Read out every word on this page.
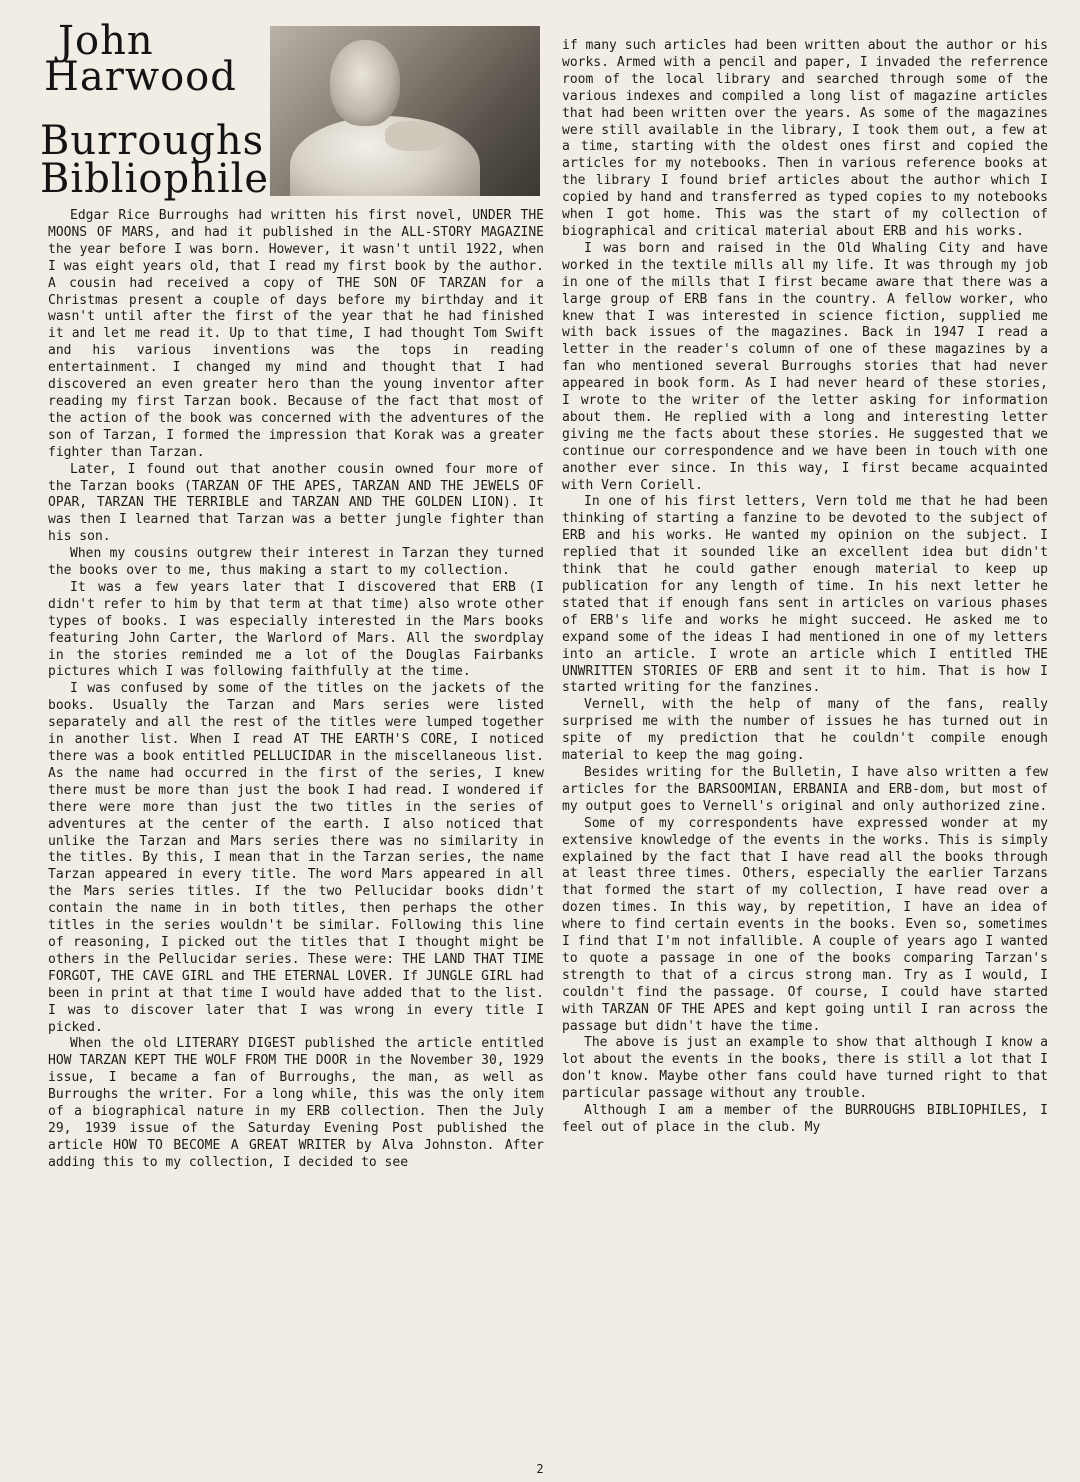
John
Harwood
Burroughs
Bibliophile

Edgar Rice Burroughs had written his first novel, UNDER THE MOONS OF MARS, and had it published in the ALL-STORY MAGAZINE the year before I was born. However, it wasn't until 1922, when I was eight years old, that I read my first book by the author. A cousin had received a copy of THE SON OF TARZAN for a Christmas present a couple of days before my birthday and it wasn't until after the first of the year that he had finished it and let me read it. Up to that time, I had thought Tom Swift and his various inventions was the tops in reading entertainment. I changed my mind and thought that I had discovered an even greater hero than the young inventor after reading my first Tarzan book. Because of the fact that most of the action of the book was concerned with the adventures of the son of Tarzan, I formed the impression that Korak was a greater fighter than Tarzan.

Later, I found out that another cousin owned four more of the Tarzan books (TARZAN OF THE APES, TARZAN AND THE JEWELS OF OPAR, TARZAN THE TERRIBLE and TARZAN AND THE GOLDEN LION). It was then I learned that Tarzan was a better jungle fighter than his son.

When my cousins outgrew their interest in Tarzan they turned the books over to me, thus making a start to my collection.

It was a few years later that I discovered that ERB (I didn't refer to him by that term at that time) also wrote other types of books. I was especially interested in the Mars books featuring John Carter, the Warlord of Mars. All the swordplay in the stories reminded me a lot of the Douglas Fairbanks pictures which I was following faithfully at the time.

I was confused by some of the titles on the jackets of the books. Usually the Tarzan and Mars series were listed separately and all the rest of the titles were lumped together in another list. When I read AT THE EARTH'S CORE, I noticed there was a book entitled PELLUCIDAR in the miscellaneous list. As the name had occurred in the first of the series, I knew there must be more than just the book I had read. I wondered if there were more than just the two titles in the series of adventures at the center of the earth. I also noticed that unlike the Tarzan and Mars series there was no similarity in the titles. By this, I mean that in the Tarzan series, the name Tarzan appeared in every title. The word Mars appeared in all the Mars series titles. If the two Pellucidar books didn't contain the name in in both titles, then perhaps the other titles in the series wouldn't be similar. Following this line of reasoning, I picked out the titles that I thought might be others in the Pellucidar series. These were: THE LAND THAT TIME FORGOT, THE CAVE GIRL and THE ETERNAL LOVER. If JUNGLE GIRL had been in print at that time I would have added that to the list. I was to discover later that I was wrong in every title I picked.

When the old LITERARY DIGEST published the article entitled HOW TARZAN KEPT THE WOLF FROM THE DOOR in the November 30, 1929 issue, I became a fan of Burroughs, the man, as well as Burroughs the writer. For a long while, this was the only item of a biographical nature in my ERB collection. Then the July 29, 1939 issue of the Saturday Evening Post published the article HOW TO BECOME A GREAT WRITER by Alva Johnston. After adding this to my collection, I decided to see

if many such articles had been written about the author or his works. Armed with a pencil and paper, I invaded the referrence room of the local library and searched through some of the various indexes and compiled a long list of magazine articles that had been written over the years. As some of the magazines were still available in the library, I took them out, a few at a time, starting with the oldest ones first and copied the articles for my notebooks. Then in various reference books at the library I found brief articles about the author which I copied by hand and transferred as typed copies to my notebooks when I got home. This was the start of my collection of biographical and critical material about ERB and his works.

I was born and raised in the Old Whaling City and have worked in the textile mills all my life. It was through my job in one of the mills that I first became aware that there was a large group of ERB fans in the country. A fellow worker, who knew that I was interested in science fiction, supplied me with back issues of the magazines. Back in 1947 I read a letter in the reader's column of one of these magazines by a fan who mentioned several Burroughs stories that had never appeared in book form. As I had never heard of these stories, I wrote to the writer of the letter asking for information about them. He replied with a long and interesting letter giving me the facts about these stories. He suggested that we continue our correspondence and we have been in touch with one another ever since. In this way, I first became acquainted with Vern Coriell.

In one of his first letters, Vern told me that he had been thinking of starting a fanzine to be devoted to the subject of ERB and his works. He wanted my opinion on the subject. I replied that it sounded like an excellent idea but didn't think that he could gather enough material to keep up publication for any length of time. In his next letter he stated that if enough fans sent in articles on various phases of ERB's life and works he might succeed. He asked me to expand some of the ideas I had mentioned in one of my letters into an article. I wrote an article which I entitled THE UNWRITTEN STORIES OF ERB and sent it to him. That is how I started writing for the fanzines.

Vernell, with the help of many of the fans, really surprised me with the number of issues he has turned out in spite of my prediction that he couldn't compile enough material to keep the mag going.

Besides writing for the Bulletin, I have also written a few articles for the BARSOOMIAN, ERBANIA and ERB-dom, but most of my output goes to Vernell's original and only authorized zine.

Some of my correspondents have expressed wonder at my extensive knowledge of the events in the works. This is simply explained by the fact that I have read all the books through at least three times. Others, especially the earlier Tarzans that formed the start of my collection, I have read over a dozen times. In this way, by repetition, I have an idea of where to find certain events in the books. Even so, sometimes I find that I'm not infallible. A couple of years ago I wanted to quote a passage in one of the books comparing Tarzan's strength to that of a circus strong man. Try as I would, I couldn't find the passage. Of course, I could have started with TARZAN OF THE APES and kept going until I ran across the passage but didn't have the time.

The above is just an example to show that although I know a lot about the events in the books, there is still a lot that I don't know. Maybe other fans could have turned right to that particular passage without any trouble.

Although I am a member of the BURROUGHS BIBLIOPHILES, I feel out of place in the club. My

2
